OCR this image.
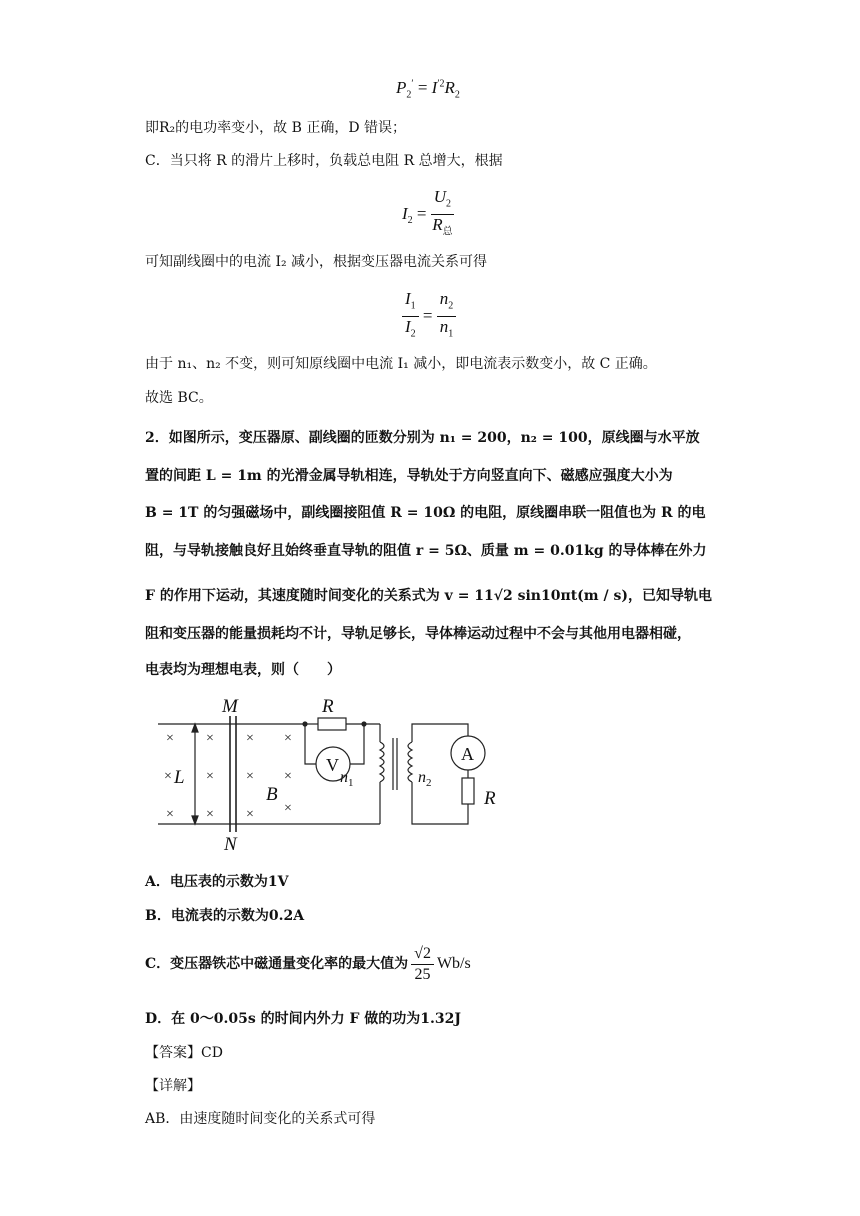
$P_2' = I^{'2}R_2$
即R₂的电功率变小，故 B 正确，D 错误；
C．当只将 R 的滑片上移时，负载总电阻 R 总增大，根据
$I_2 = \frac{U_2}{R_总}$
可知副线圈中的电流 I₂ 减小，根据变压器电流关系可得
$\frac{I_1}{I_2} = \frac{n_2}{n_1}$
由于 n₁、n₂ 不变，则可知原线圈中电流 I₁ 减小，即电流表示数变小，故 C 正确。
故选 BC。
2．如图所示，变压器原、副线圈的匝数分别为 n₁ = 200，n₂ = 100，原线圈与水平放
置的间距 L = 1m 的光滑金属导轨相连，导轨处于方向竖直向下、磁感应强度大小为
B = 1T 的匀强磁场中，副线圈接阻值 R = 10Ω 的电阻，原线圈串联一阻值也为 R 的电
阻，与导轨接触良好且始终垂直导轨的阻值 r = 5Ω、质量 m = 0.01kg 的导体棒在外力
F 的作用下运动，其速度随时间变化的关系式为 v = 11√2 sin10πt(m / s)，已知导轨电
阻和变压器的能量损耗均不计，导轨足够长，导体棒运动过程中不会与其他用电器相碰，
电表均为理想电表，则（　　）
× × × ×
× × × ×
× × × ×
M
N
L
B
R
R
$n_1$	$n_2$
V
A
A．电压表的示数为1V
B．电流表的示数为0.2A
C．变压器铁芯中磁通量变化率的最大值为 $\frac{√2}{25} Wb/s$
D．在 0～0.05s 的时间内外力 F 做的功为1.32J
【答案】CD
【详解】
AB．由速度随时间变化的关系式可得
